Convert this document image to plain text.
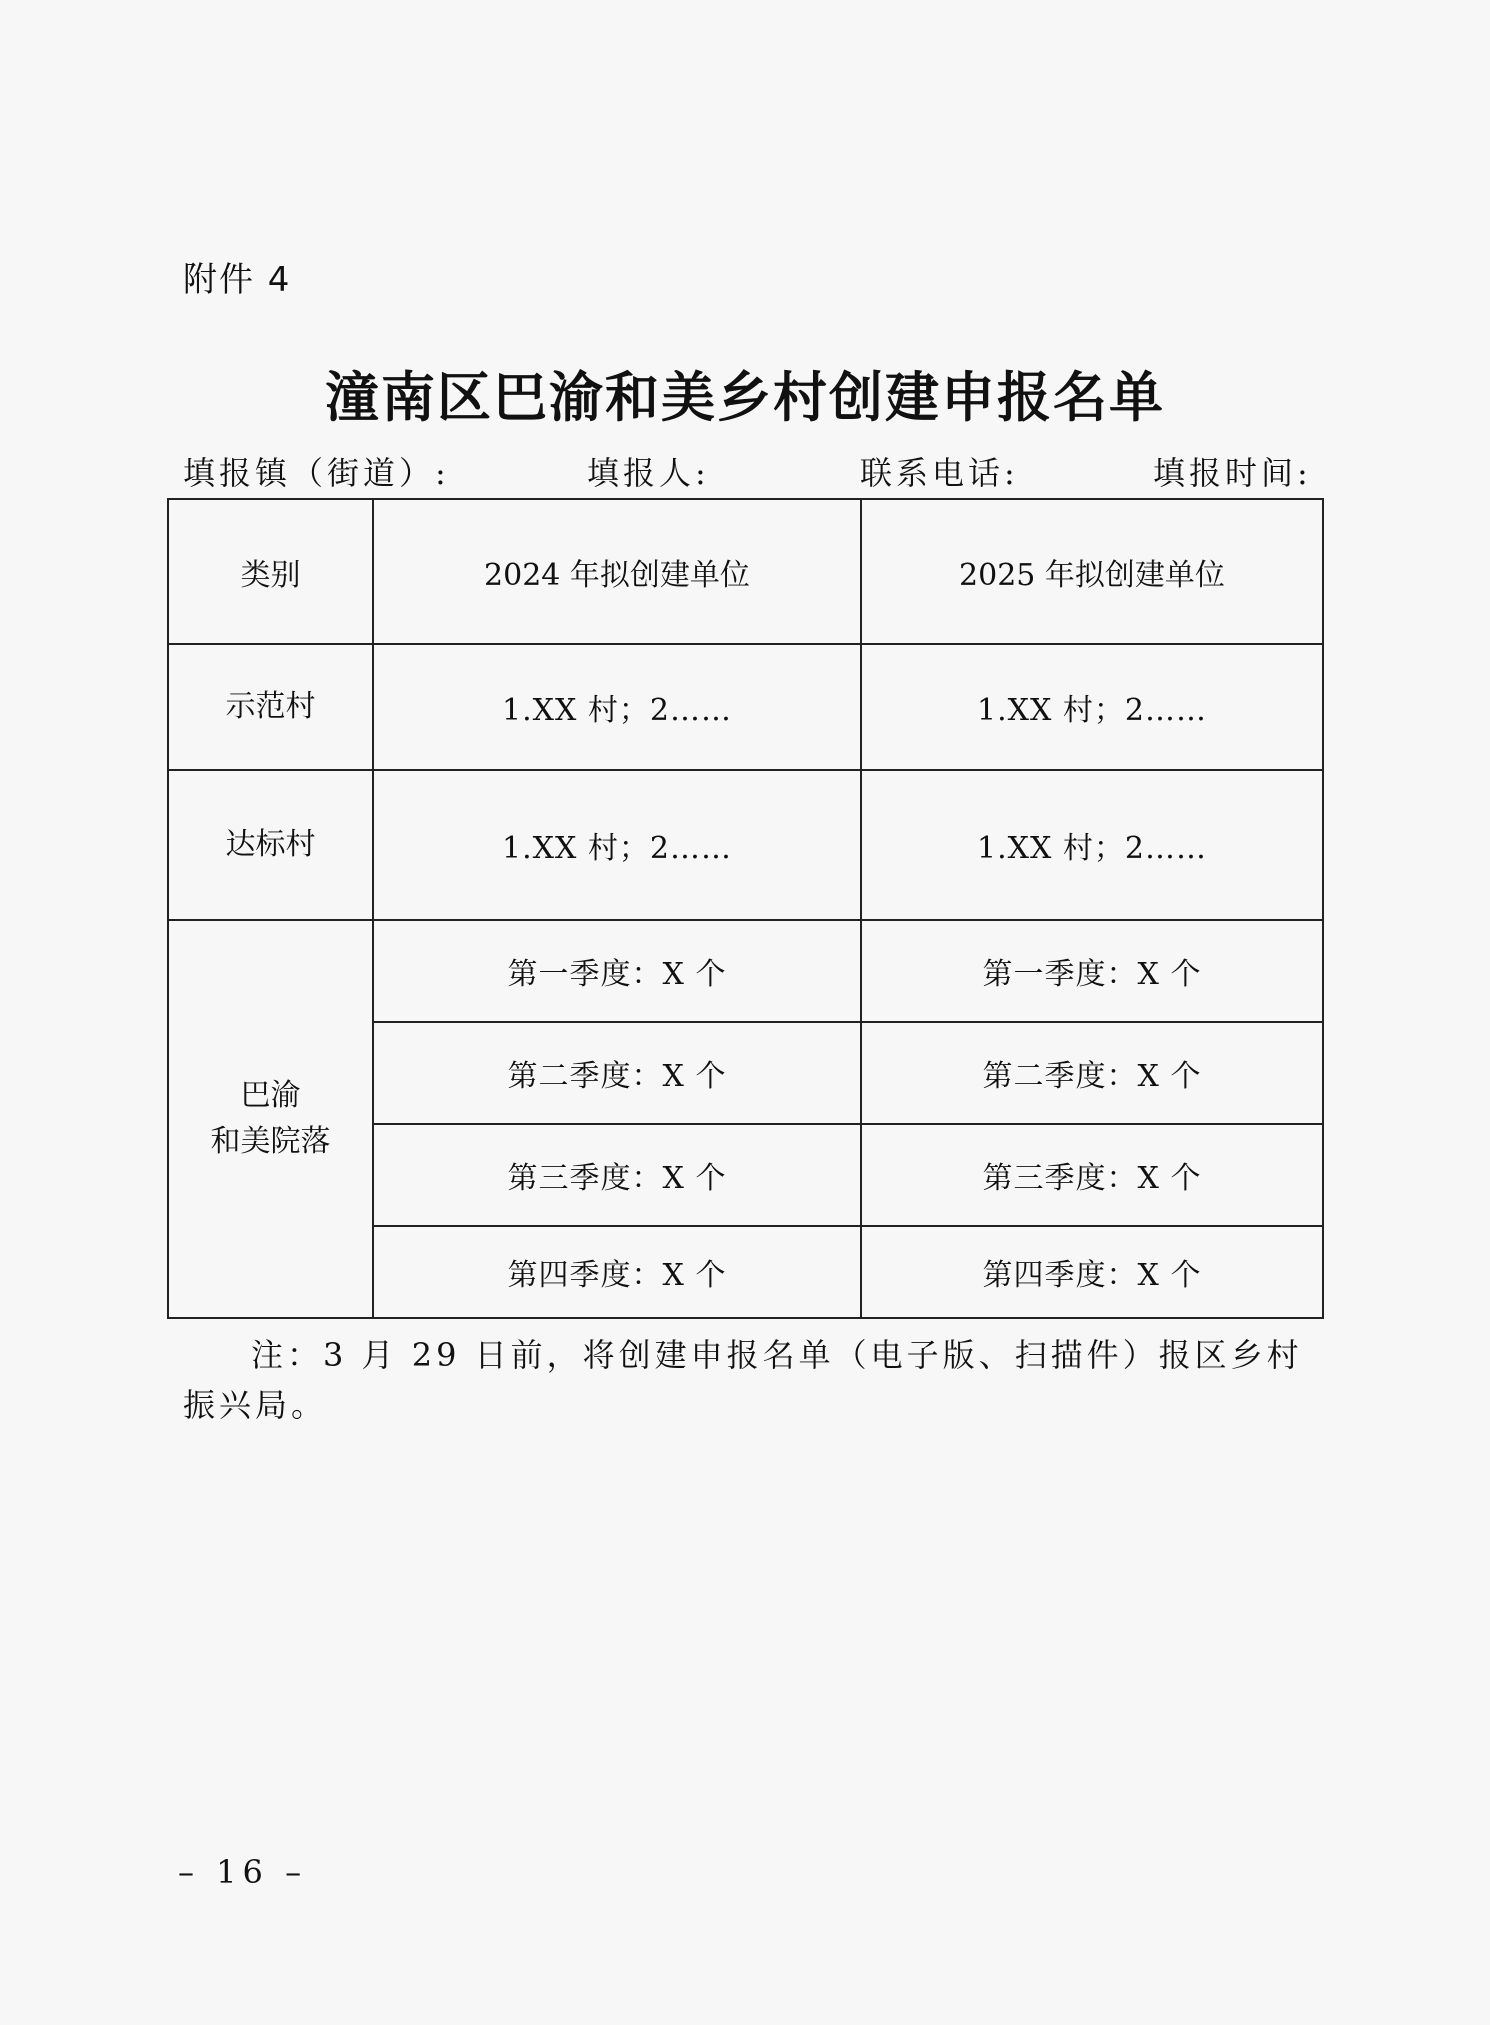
附件 4
潼南区巴渝和美乡村创建申报名单
填报镇（街道）:	填报人:	联系电话:	填报时间:
类别	2024 年拟创建单位	2025 年拟创建单位
示范村	1.XX 村；2……	1.XX 村；2……
达标村	1.XX 村；2……	1.XX 村；2……

巴渝
和美院落	第一季度：X 个	第一季度：X 个
	第二季度：X 个	第二季度：X 个
	第三季度：X 个	第三季度：X 个
	第四季度：X 个	第四季度：X 个
注：3 月 29 日前，将创建申报名单（电子版、扫描件）报区乡村振兴局。
– 16 –
